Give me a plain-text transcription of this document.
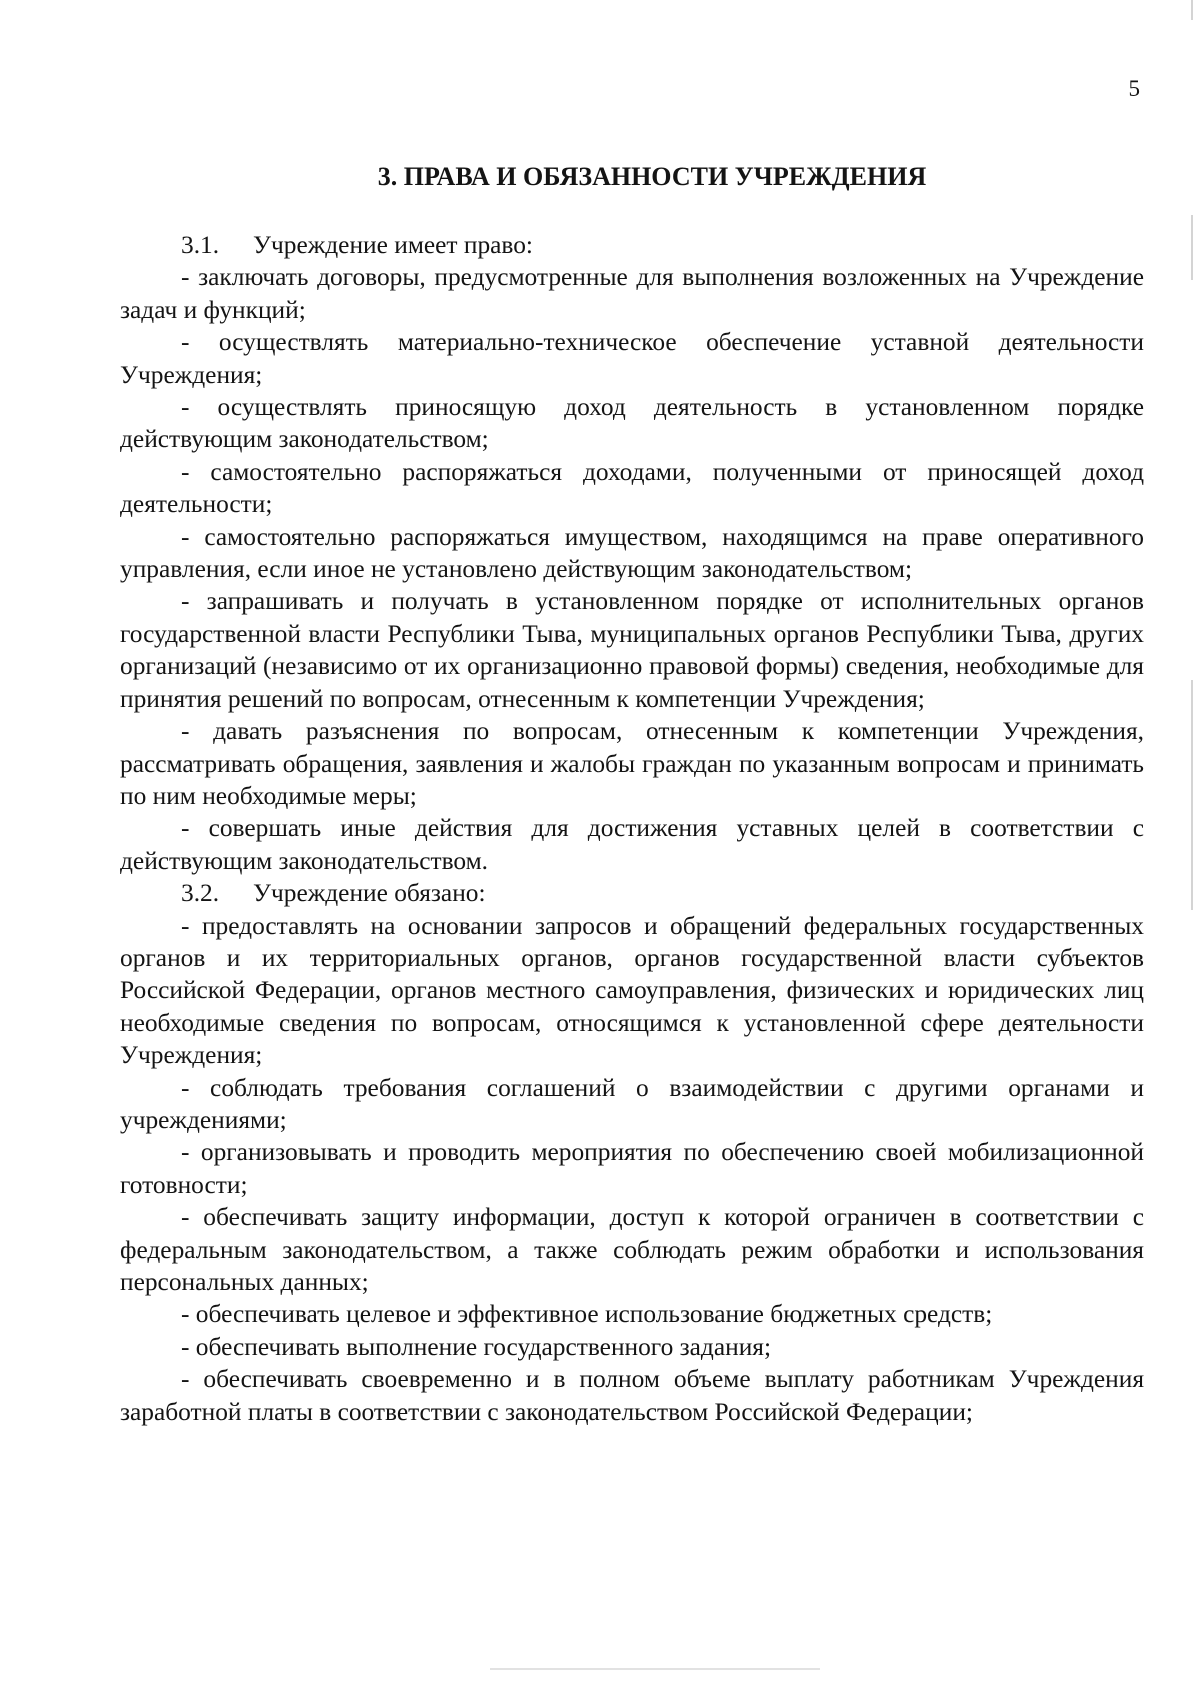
5
3. ПРАВА И ОБЯЗАННОСТИ УЧРЕЖДЕНИЯ

3.1. Учреждение имеет право:

- заключать договоры, предусмотренные для выполнения возложенных на Учреждение задач и функций;

- осуществлять материально-техническое обеспечение уставной деятельности Учреждения;

- осуществлять приносящую доход деятельность в установленном порядке действующим законодательством;

- самостоятельно распоряжаться доходами, полученными от приносящей доход деятельности;

- самостоятельно распоряжаться имуществом, находящимся на праве оперативного управления, если иное не установлено действующим законодательством;

- запрашивать и получать в установленном порядке от исполнительных органов государственной власти Республики Тыва, муниципальных органов Республики Тыва, других организаций (независимо от их организационно правовой формы) сведения, необходимые для принятия решений по вопросам, отнесенным к компетенции Учреждения;

- давать разъяснения по вопросам, отнесенным к компетенции Учреждения, рассматривать обращения, заявления и жалобы граждан по указанным вопросам и принимать по ним необходимые меры;

- совершать иные действия для достижения уставных целей в соответствии с действующим законодательством.

3.2. Учреждение обязано:

- предоставлять на основании запросов и обращений федеральных государственных органов и их территориальных органов, органов государственной власти субъектов Российской Федерации, органов местного самоуправления, физических и юридических лиц необходимые сведения по вопросам, относящимся к установленной сфере деятельности Учреждения;

- соблюдать требования соглашений о взаимодействии с другими органами и учреждениями;

- организовывать и проводить мероприятия по обеспечению своей мобилизационной готовности;

- обеспечивать защиту информации, доступ к которой ограничен в соответствии с федеральным законодательством, а также соблюдать режим обработки и использования персональных данных;

- обеспечивать целевое и эффективное использование бюджетных средств;

- обеспечивать выполнение государственного задания;

- обеспечивать своевременно и в полном объеме выплату работникам Учреждения заработной платы в соответствии с законодательством Российской Федерации;
